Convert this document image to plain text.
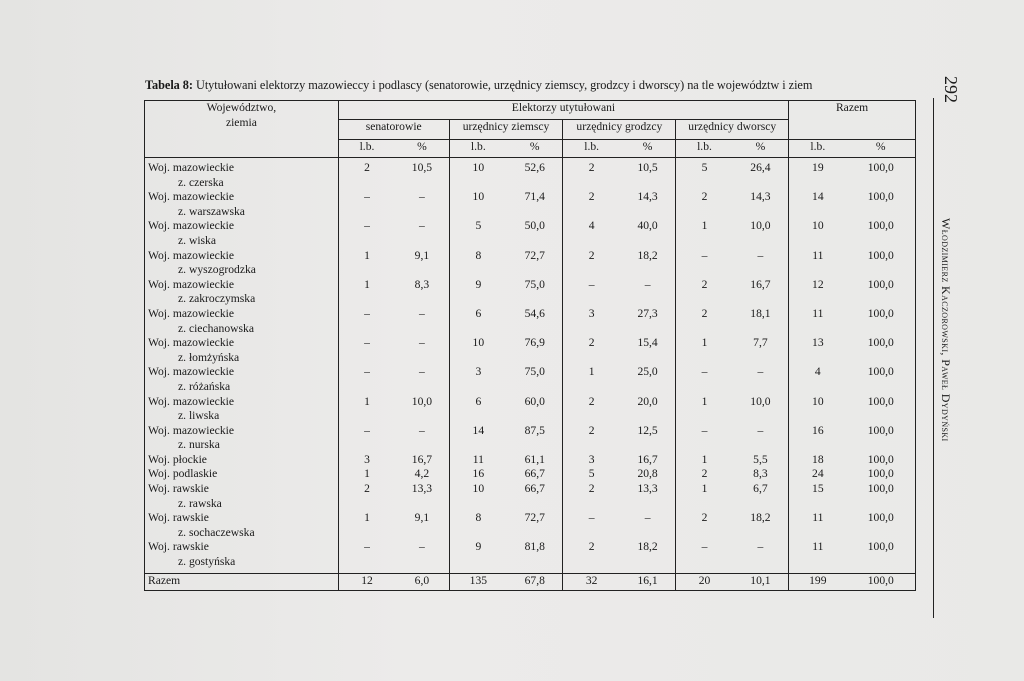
Tabela 8: Utytułowani elektorzy mazowieccy i podlascy (senatorowie, urzędnicy ziemscy, grodzcy i dworscy) na tle województw i ziem	292
Włodzimierz Kaczorowski, Paweł Dydyński
Województwo,
ziemia	Elektorzy utytułowani								Razem	
	senatorowie		urzędnicy ziemscy		urzędnicy grodzcy		urzędnicy dworscy			
	l.b.	%	l.b.	%	l.b.	%	l.b.	%	l.b.	%

Woj. mazowieckie
z. czerska	2	10,5	10	52,6	2	10,5	5	26,4	19	100,0

Woj. mazowieckie
z. warszawska	–	–	10	71,4	2	14,3	2	14,3	14	100,0

Woj. mazowieckie
z. wiska	–	–	5	50,0	4	40,0	1	10,0	10	100,0

Woj. mazowieckie
z. wyszogrodzka	1	9,1	8	72,7	2	18,2	–	–	11	100,0

Woj. mazowieckie
z. zakroczymska	1	8,3	9	75,0	–	–	2	16,7	12	100,0

Woj. mazowieckie
z. ciechanowska	–	–	6	54,6	3	27,3	2	18,1	11	100,0

Woj. mazowieckie
z. łomżyńska	–	–	10	76,9	2	15,4	1	7,7	13	100,0

Woj. mazowieckie
z. różańska	–	–	3	75,0	1	25,0	–	–	4	100,0

Woj. mazowieckie
z. liwska	1	10,0	6	60,0	2	20,0	1	10,0	10	100,0

Woj. mazowieckie
z. nurska	–	–	14	87,5	2	12,5	–	–	16	100,0

Woj. płockie	3	16,7	11	61,1	3	16,7	1	5,5	18	100,0

Woj. podlaskie	1	4,2	16	66,7	5	20,8	2	8,3	24	100,0

Woj. rawskie
z. rawska	2	13,3	10	66,7	2	13,3	1	6,7	15	100,0

Woj. rawskie
z. sochaczewska	1	9,1	8	72,7	–	–	2	18,2	11	100,0

Woj. rawskie
z. gostyńska	–	–	9	81,8	2	18,2	–	–	11	100,0

Razem	12	6,0	135	67,8	32	16,1	20	10,1	199	100,0
